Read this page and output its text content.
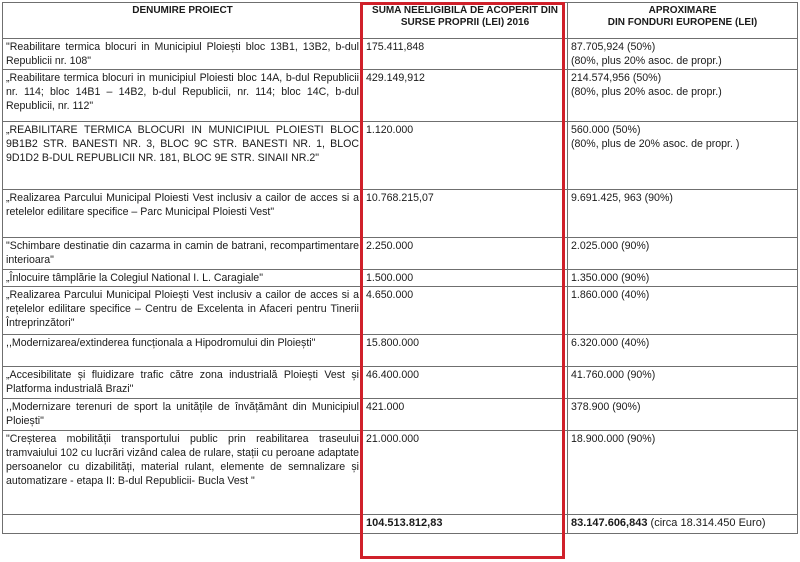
DENUMIRE PROIECT	SUMA NEELIGIBILĂ DE ACOPERIT DIN SURSE PROPRII (LEI) 2016	APROXIMARE
DIN FONDURI EUROPENE (LEI)

"Reabilitare termica blocuri in Municipiul Ploiești bloc 13B1, 13B2, b-dul Republicii nr. 108"	175.411,848	87.705,924 (50%)
(80%, plus 20% asoc. de propr.)

„Reabilitare termica blocuri in municipiul Ploiesti bloc 14A, b-dul Republicii nr. 114; bloc 14B1 – 14B2, b-dul Republicii, nr. 114; bloc 14C, b-dul Republicii, nr. 112"	429.149,912	214.574,956 (50%)
(80%, plus 20% asoc. de propr.)

„REABILITARE TERMICA BLOCURI IN MUNICIPIUL PLOIESTI BLOC 9B1B2 STR. BANESTI NR. 3, BLOC 9C STR. BANESTI NR. 1, BLOC 9D1D2 B-DUL REPUBLICII NR. 181, BLOC 9E STR. SINAII NR.2"	1.120.000	560.000 (50%)
(80%, plus de 20% asoc. de propr. )

„Realizarea Parcului Municipal Ploiesti Vest inclusiv a cailor de acces si a retelelor edilitare specifice – Parc Municipal Ploiesti Vest"	10.768.215,07	9.691.425, 963 (90%)

"Schimbare destinatie din cazarma in camin de batrani, recompartimentare interioara"	2.250.000	2.025.000 (90%)

„Înlocuire tâmplărie la Colegiul National I. L. Caragiale"	1.500.000	1.350.000 (90%)

„Realizarea Parcului Municipal Ploiești Vest inclusiv a cailor de acces si a rețelelor edilitare specifice – Centru de Excelenta in Afaceri pentru Tinerii Întreprinzători"	4.650.000	1.860.000 (40%)

,,Modernizarea/extinderea funcționala a Hipodromului din Ploiești"	15.800.000	6.320.000 (40%)

„Accesibilitate și fluidizare trafic către zona industrială Ploiești Vest și Platforma industrială Brazi"	46.400.000	41.760.000 (90%)

,,Modernizare terenuri de sport la unitățile de învățământ din Municipiul Ploiești"	421.000	378.900 (90%)

"Creșterea mobilității transportului public prin reabilitarea traseului tramvaiului 102 cu lucrări vizând calea de rulare, stații cu peroane adaptate persoanelor cu dizabilități, material rulant, elemente de semnalizare și automatizare - etapa II: B-dul Republicii- Bucla Vest "	21.000.000	18.900.000 (90%)

	104.513.812,83	83.147.606,843 (circa 18.314.450 Euro)
